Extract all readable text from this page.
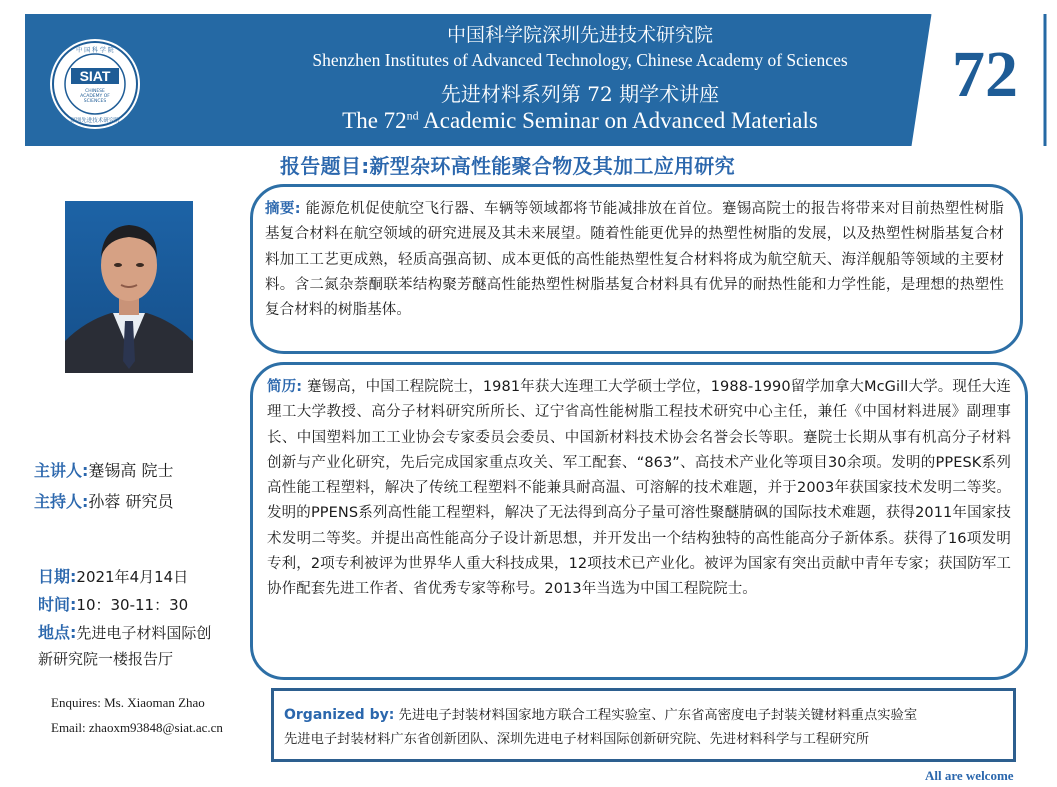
中 国 科 学 院
SIAT
CHINESE
ACADEMY OF
SCIENCES
深圳先进技术研究院
中国科学院深圳先进技术研究院
Shenzhen Institutes of Advanced Technology, Chinese Academy of Sciences
先进材料系列第 72 期学术讲座
The 72nd Academic Seminar on Advanced Materials
72
报告题目:新型杂环高性能聚合物及其加工应用研究
摘要: 能源危机促使航空飞行器、车辆等领域都将节能减排放在首位。蹇锡高院士的报告将带来对目前热塑性树脂基复合材料在航空领域的研究进展及其未来展望。随着性能更优异的热塑性树脂的发展，以及热塑性树脂基复合材料加工工艺更成熟，轻质高强高韧、成本更低的高性能热塑性复合材料将成为航空航天、海洋舰船等领域的主要材料。含二氮杂萘酮联苯结构聚芳醚高性能热塑性树脂基复合材料具有优异的耐热性能和力学性能，是理想的热塑性复合材料的树脂基体。
简历: 蹇锡高，中国工程院院士，1981年获大连理工大学硕士学位，1988-1990留学加拿大McGill大学。现任大连理工大学教授、高分子材料研究所所长、辽宁省高性能树脂工程技术研究中心主任，兼任《中国材料进展》副理事长、中国塑料加工工业协会专家委员会委员、中国新材料技术协会名誉会长等职。蹇院士长期从事有机高分子材料创新与产业化研究，先后完成国家重点攻关、军工配套、“863”、高技术产业化等项目30余项。发明的PPESK系列高性能工程塑料，解决了传统工程塑料不能兼具耐高温、可溶解的技术难题，并于2003年获国家技术发明二等奖。发明的PPENS系列高性能工程塑料，解决了无法得到高分子量可溶性聚醚腈砜的国际技术难题，获得2011年国家技术发明二等奖。并提出高性能高分子设计新思想，并开发出一个结构独特的高性能高分子新体系。获得了16项发明专利，2项专利被评为世界华人重大科技成果，12项技术已产业化。被评为国家有突出贡献中青年专家；获国防军工协作配套先进工作者、省优秀专家等称号。2013年当选为中国工程院院士。
主讲人:蹇锡高 院士
主持人:孙蓉 研究员
日期:2021年4月14日
时间:10：30-11：30
地点:先进电子材料国际创
新研究院一楼报告厅
Enquires: Ms. Xiaoman Zhao
Email: zhaoxm93848@siat.ac.cn
Organized by: 先进电子封装材料国家地方联合工程实验室、广东省高密度电子封装关键材料重点实验室
先进电子封装材料广东省创新团队、深圳先进电子材料国际创新研究院、先进材料科学与工程研究所
All are welcome
